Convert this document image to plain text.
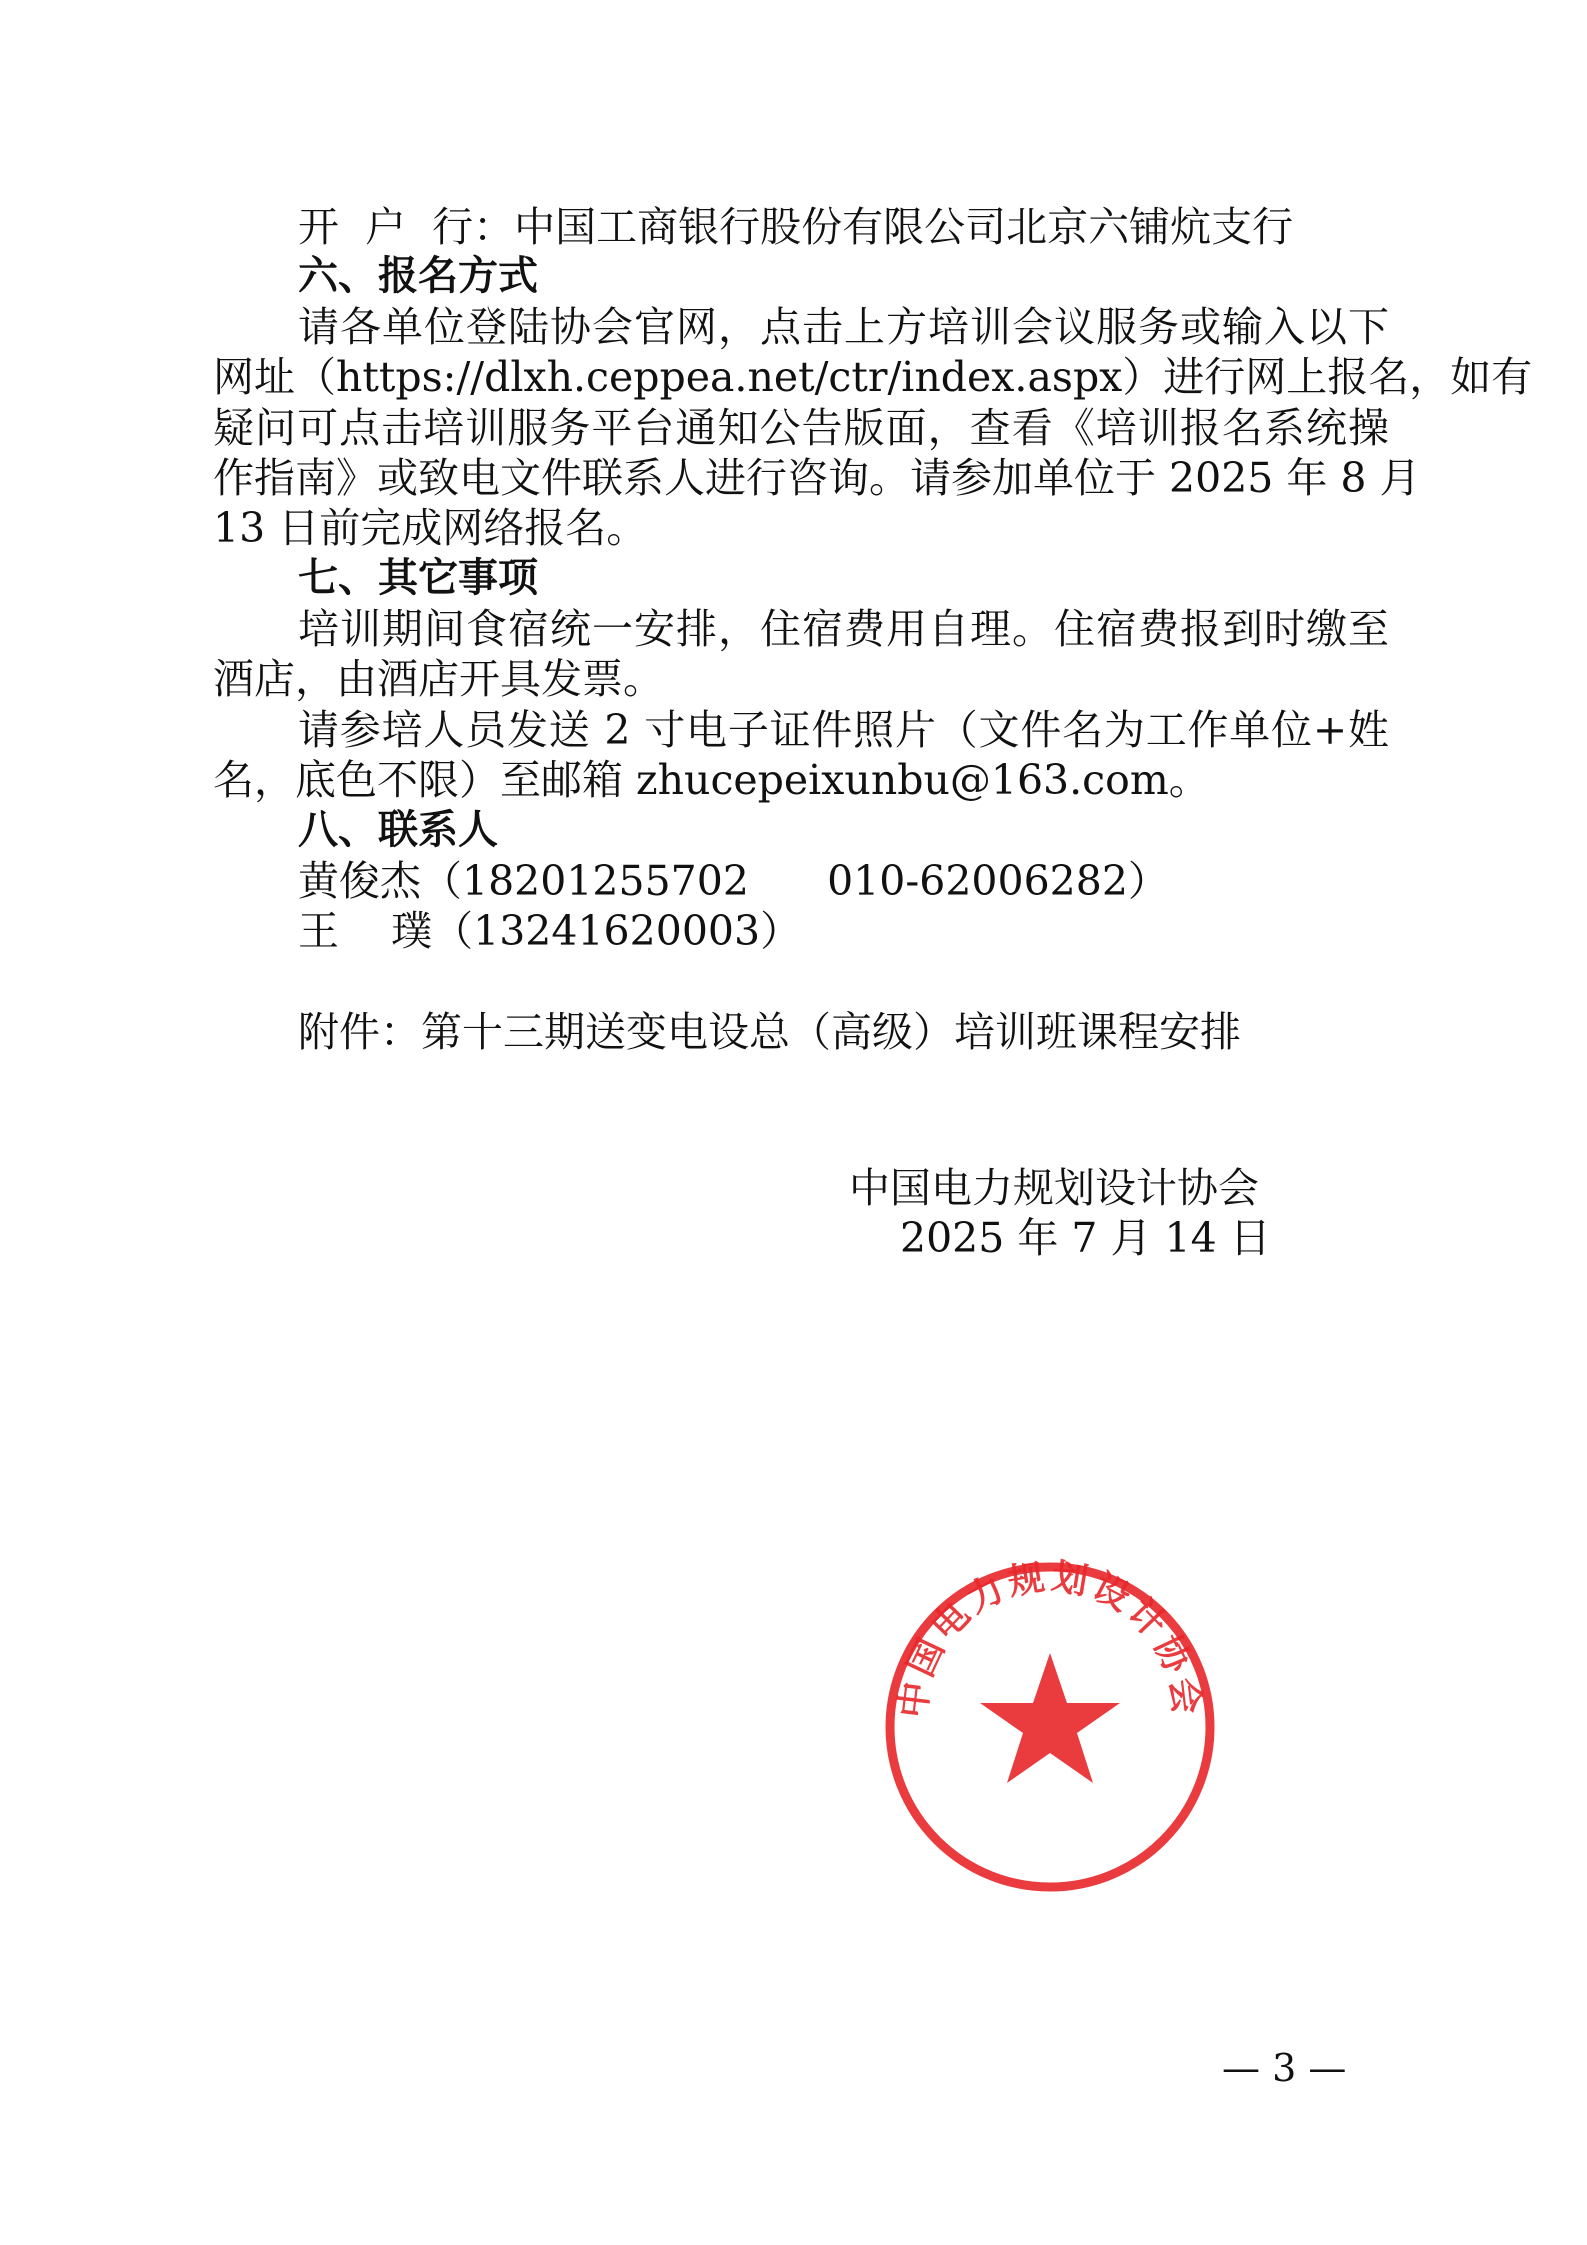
开  户  行：中国工商银行股份有限公司北京六铺炕支行
六、报名方式
请各单位登陆协会官网，点击上方培训会议服务或输入以下
网址（https://dlxh.ceppea.net/ctr/index.aspx）进行网上报名，如有
疑问可点击培训服务平台通知公告版面，查看《培训报名系统操
作指南》或致电文件联系人进行咨询。请参加单位于 2025 年 8 月
13 日前完成网络报名。
七、其它事项
培训期间食宿统一安排，住宿费用自理。住宿费报到时缴至
酒店，由酒店开具发票。
请参培人员发送 2 寸电子证件照片（文件名为工作单位+姓
名，底色不限）至邮箱 zhucepeixunbu@163.com。
八、联系人
黄俊杰（18201255702      010-62006282）
王    璞（13241620003）
附件：第十三期送变电设总（高级）培训班课程安排
中国电力规划设计协会
中国电力规划设计协会
2025 年 7 月 14 日
— 3 —
